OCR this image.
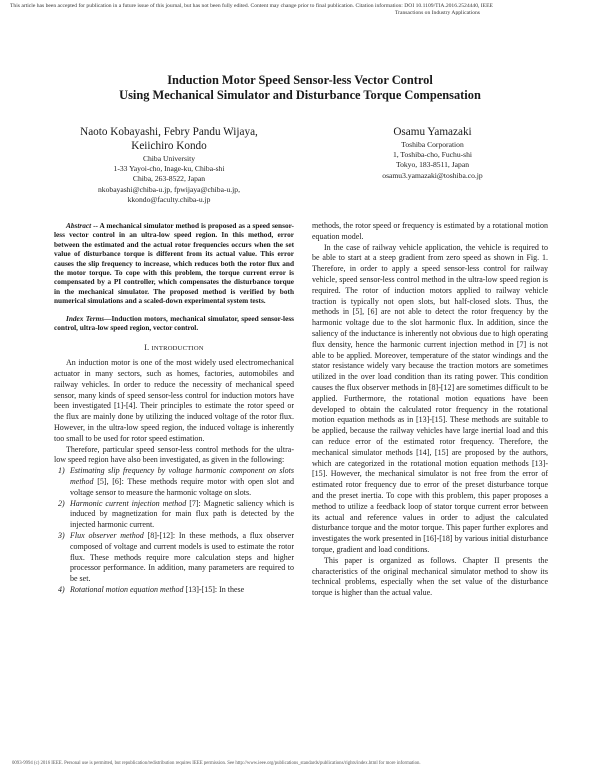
This article has been accepted for publication in a future issue of this journal, but has not been fully edited. Content may change prior to final publication. Citation information: DOI 10.1109/TIA.2016.2524440, IEEE
Transactions on Industry Applications
Induction Motor Speed Sensor-less Vector Control
Using Mechanical Simulator and Disturbance Torque Compensation
Naoto Kobayashi, Febry Pandu Wijaya,
Keiichiro Kondo
Chiba University
1-33 Yayoi-cho, Inage-ku, Chiba-shi
Chiba, 263-8522, Japan
nkobayashi@chiba-u.jp, fpwijaya@chiba-u.jp,
kkondo@faculty.chiba-u.jp
Osamu Yamazaki
Toshiba Corporation
1, Toshiba-cho, Fuchu-shi
Tokyo, 183-8511, Japan
osamu3.yamazaki@toshiba.co.jp

Abstract -- A mechanical simulator method is proposed as a speed sensor-less vector control in an ultra-low speed region. In this method, error between the estimated and the actual rotor frequencies occurs when the set value of disturbance torque is different from its actual value. This error causes the slip frequency to increase, which reduces both the rotor flux and the motor torque. To cope with this problem, the torque current error is compensated by a PI controller, which compensates the disturbance torque in the mechanical simulator. The proposed method is verified by both numerical simulations and a scaled-down experimental system tests.

Index Terms—Induction motors, mechanical simulator, speed sensor-less control, ultra-low speed region, vector control.

I. INTRODUCTION

An induction motor is one of the most widely used electromechanical actuator in many sectors, such as homes, factories, automobiles and railway vehicles. In order to reduce the necessity of mechanical speed sensor, many kinds of speed sensor-less control for induction motors have been investigated [1]-[4]. Their principles to estimate the rotor speed or the flux are mainly done by utilizing the induced voltage of the rotor flux. However, in the ultra-low speed region, the induced voltage is inherently too small to be used for rotor speed estimation.

Therefore, particular speed sensor-less control methods for the ultra-low speed region have also been investigated, as given in the following:

1) Estimating slip frequency by voltage harmonic component on slots method [5], [6]: These methods require motor with open slot and voltage sensor to measure the harmonic voltage on slots.
2) Harmonic current injection method [7]: Magnetic saliency which is induced by magnetization for main flux path is detected by the injected harmonic current.
3) Flux observer method [8]-[12]: In these methods, a flux observer composed of voltage and current models is used to estimate the rotor flux. These methods require more calculation steps and higher processor performance. In addition, many parameters are required to be set.
4) Rotational motion equation method [13]-[15]: In these

methods, the rotor speed or frequency is estimated by a rotational motion equation model.

In the case of railway vehicle application, the vehicle is required to be able to start at a steep gradient from zero speed as shown in Fig. 1. Therefore, in order to apply a speed sensor-less control for railway vehicle, speed sensor-less control method in the ultra-low speed region is required. The rotor of induction motors applied to railway vehicle traction is typically not open slots, but half-closed slots. Thus, the methods in [5], [6] are not able to detect the rotor frequency by the harmonic voltage due to the slot harmonic flux. In addition, since the saliency of the inductance is inherently not obvious due to high operating flux density, hence the harmonic current injection method in [7] is not able to be applied. Moreover, temperature of the stator windings and the stator resistance widely vary because the traction motors are sometimes utilized in the over load condition than its rating power. This condition causes the flux observer methods in [8]-[12] are sometimes difficult to be applied. Furthermore, the rotational motion equations have been developed to obtain the calculated rotor frequency in the rotational motion equation methods as in [13]-[15]. These methods are suitable to be applied, because the railway vehicles have large inertial load and this can reduce error of the estimated rotor frequency. Therefore, the mechanical simulator methods [14], [15] are proposed by the authors, which are categorized in the rotational motion equation methods [13]-[15]. However, the mechanical simulator is not free from the error of estimated rotor frequency due to error of the preset disturbance torque and the preset inertia. To cope with this problem, this paper proposes a method to utilize a feedback loop of stator torque current error between its actual and reference values in order to adjust the calculated disturbance torque and the motor torque. This paper further explores and investigates the work presented in [16]-[18] by various initial disturbance torque, gradient and load conditions.

This paper is organized as follows. Chapter II presents the characteristics of the original mechanical simulator method to show its technical problems, especially when the set value of the disturbance torque is higher than the actual value.

0093-9994 (c) 2016 IEEE. Personal use is permitted, but republication/redistribution requires IEEE permission. See http://www.ieee.org/publications_standards/publications/rights/index.html for more information.
